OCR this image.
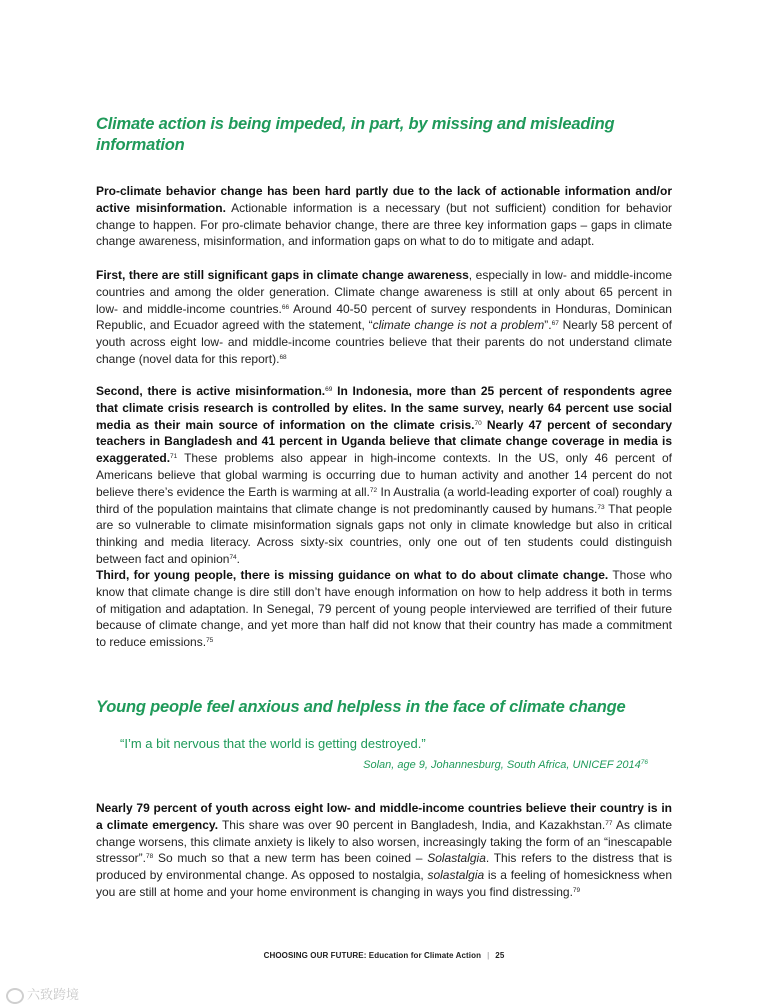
Climate action is being impeded, in part, by missing and misleading information

Pro-climate behavior change has been hard partly due to the lack of actionable information and/or active misinformation. Actionable information is a necessary (but not sufficient) condition for behavior change to happen. For pro-climate behavior change, there are three key information gaps – gaps in climate change awareness, misinformation, and information gaps on what to do to mitigate and adapt.

First, there are still significant gaps in climate change awareness, especially in low- and middle-income countries and among the older generation. Climate change awareness is still at only about 65 percent in low- and middle-income countries.$^{66}$ Around 40-50 percent of survey respondents in Honduras, Dominican Republic, and Ecuador agreed with the statement, “climate change is not a problem”.$^{67}$ Nearly 58 percent of youth across eight low- and middle-income countries believe that their parents do not understand climate change (novel data for this report).$^{68}$

Second, there is active misinformation.$^{69}$ In Indonesia, more than 25 percent of respondents agree that climate crisis research is controlled by elites. In the same survey, nearly 64 percent use social media as their main source of information on the climate crisis.$^{70}$ Nearly 47 percent of secondary teachers in Bangladesh and 41 percent in Uganda believe that climate change coverage in media is exaggerated.$^{71}$ These problems also appear in high-income contexts. In the US, only 46 percent of Americans believe that global warming is occurring due to human activity and another 14 percent do not believe there’s evidence the Earth is warming at all.$^{72}$ In Australia (a world-leading exporter of coal) roughly a third of the population maintains that climate change is not predominantly caused by humans.$^{73}$ That people are so vulnerable to climate misinformation signals gaps not only in climate knowledge but also in critical thinking and media literacy. Across sixty-six countries, only one out of ten students could distinguish between fact and opinion$^{74}$.

Third, for young people, there is missing guidance on what to do about climate change. Those who know that climate change is dire still don’t have enough information on how to help address it both in terms of mitigation and adaptation. In Senegal, 79 percent of young people interviewed are terrified of their future because of climate change, and yet more than half did not know that their country has made a commitment to reduce emissions.$^{75}$

Young people feel anxious and helpless in the face of climate change

“I’m a bit nervous that the world is getting destroyed.”

Solan, age 9, Johannesburg, South Africa, UNICEF 2014$^{76}$

Nearly 79 percent of youth across eight low- and middle-income countries believe their country is in a climate emergency. This share was over 90 percent in Bangladesh, India, and Kazakhstan.$^{77}$ As climate change worsens, this climate anxiety is likely to also worsen, increasingly taking the form of an “inescapable stressor”.$^{78}$ So much so that a new term has been coined – Solastalgia. This refers to the distress that is produced by environmental change. As opposed to nostalgia, solastalgia is a feeling of homesickness when you are still at home and your home environment is changing in ways you find distressing.$^{79}$

CHOOSING OUR FUTURE: Education for Climate Action | 25
六致跨境
